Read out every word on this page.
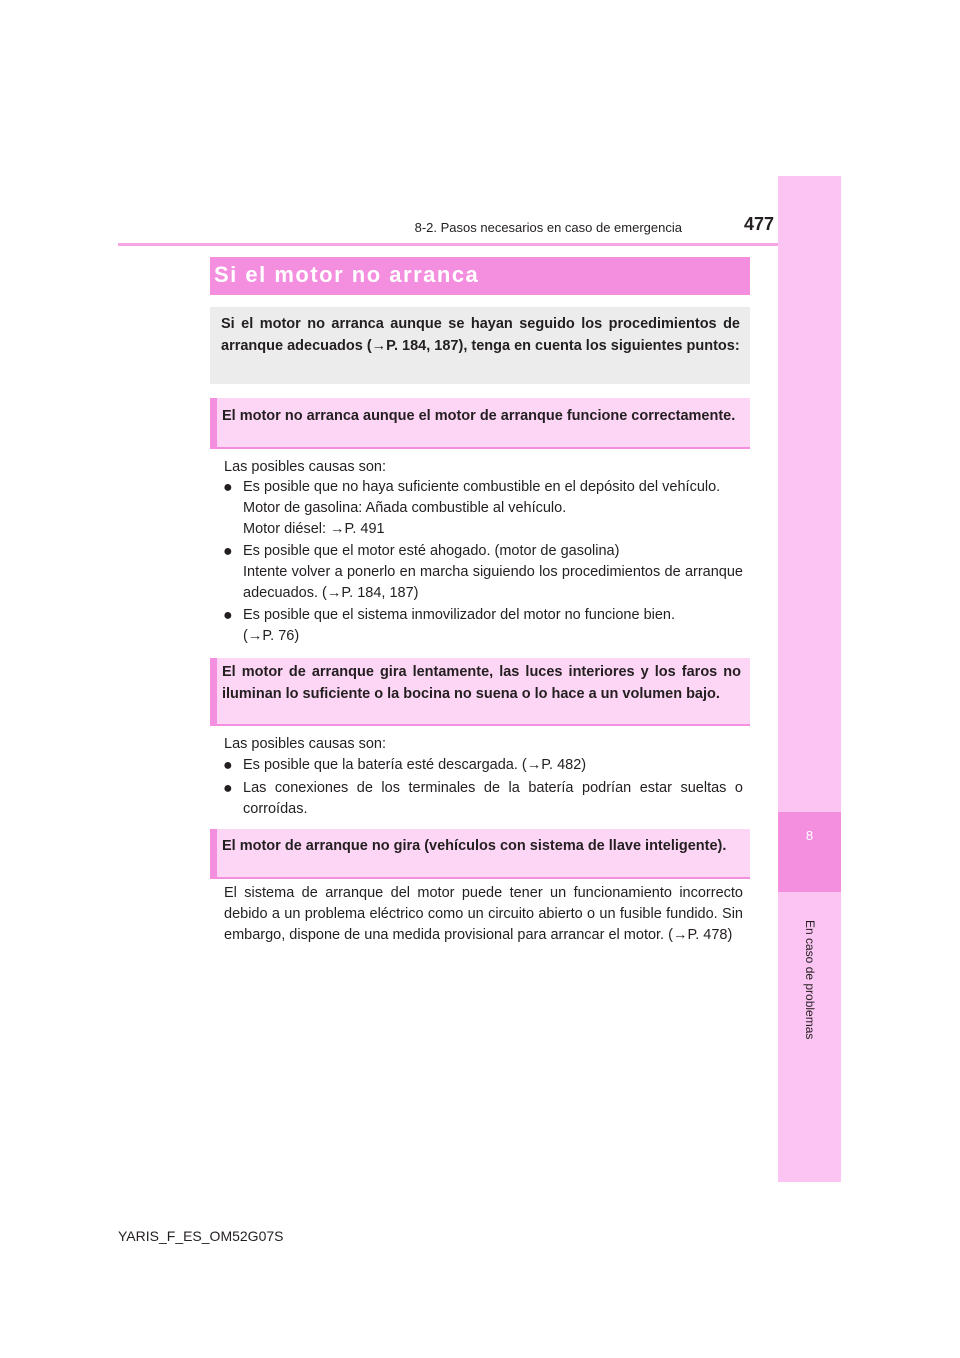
8-2. Pasos necesarios en caso de emergencia	477
8
En caso de problemas
Si el motor no arranca
Si el motor no arranca aunque se hayan seguido los procedimientos de arranque adecuados (→P. 184, 187), tenga en cuenta los siguientes puntos:
El motor no arranca aunque el motor de arranque funcione correctamente.
Las posibles causas son:
● Es posible que no haya suficiente combustible en el depósito del vehículo.
Motor de gasolina: Añada combustible al vehículo.
Motor diésel: →P. 491
● Es posible que el motor esté ahogado. (motor de gasolina)
Intente volver a ponerlo en marcha siguiendo los procedimientos de arranque adecuados. (→P. 184, 187)
● Es posible que el sistema inmovilizador del motor no funcione bien.
(→P. 76)
El motor de arranque gira lentamente, las luces interiores y los faros no iluminan lo suficiente o la bocina no suena o lo hace a un volumen bajo.
Las posibles causas son:
● Es posible que la batería esté descargada. (→P. 482)
● Las conexiones de los terminales de la batería podrían estar sueltas o corroídas.
El motor de arranque no gira (vehículos con sistema de llave inteligente).
El sistema de arranque del motor puede tener un funcionamiento incorrecto debido a un problema eléctrico como un circuito abierto o un fusible fundido. Sin embargo, dispone de una medida provisional para arrancar el motor. (→P. 478)
YARIS_F_ES_OM52G07S
